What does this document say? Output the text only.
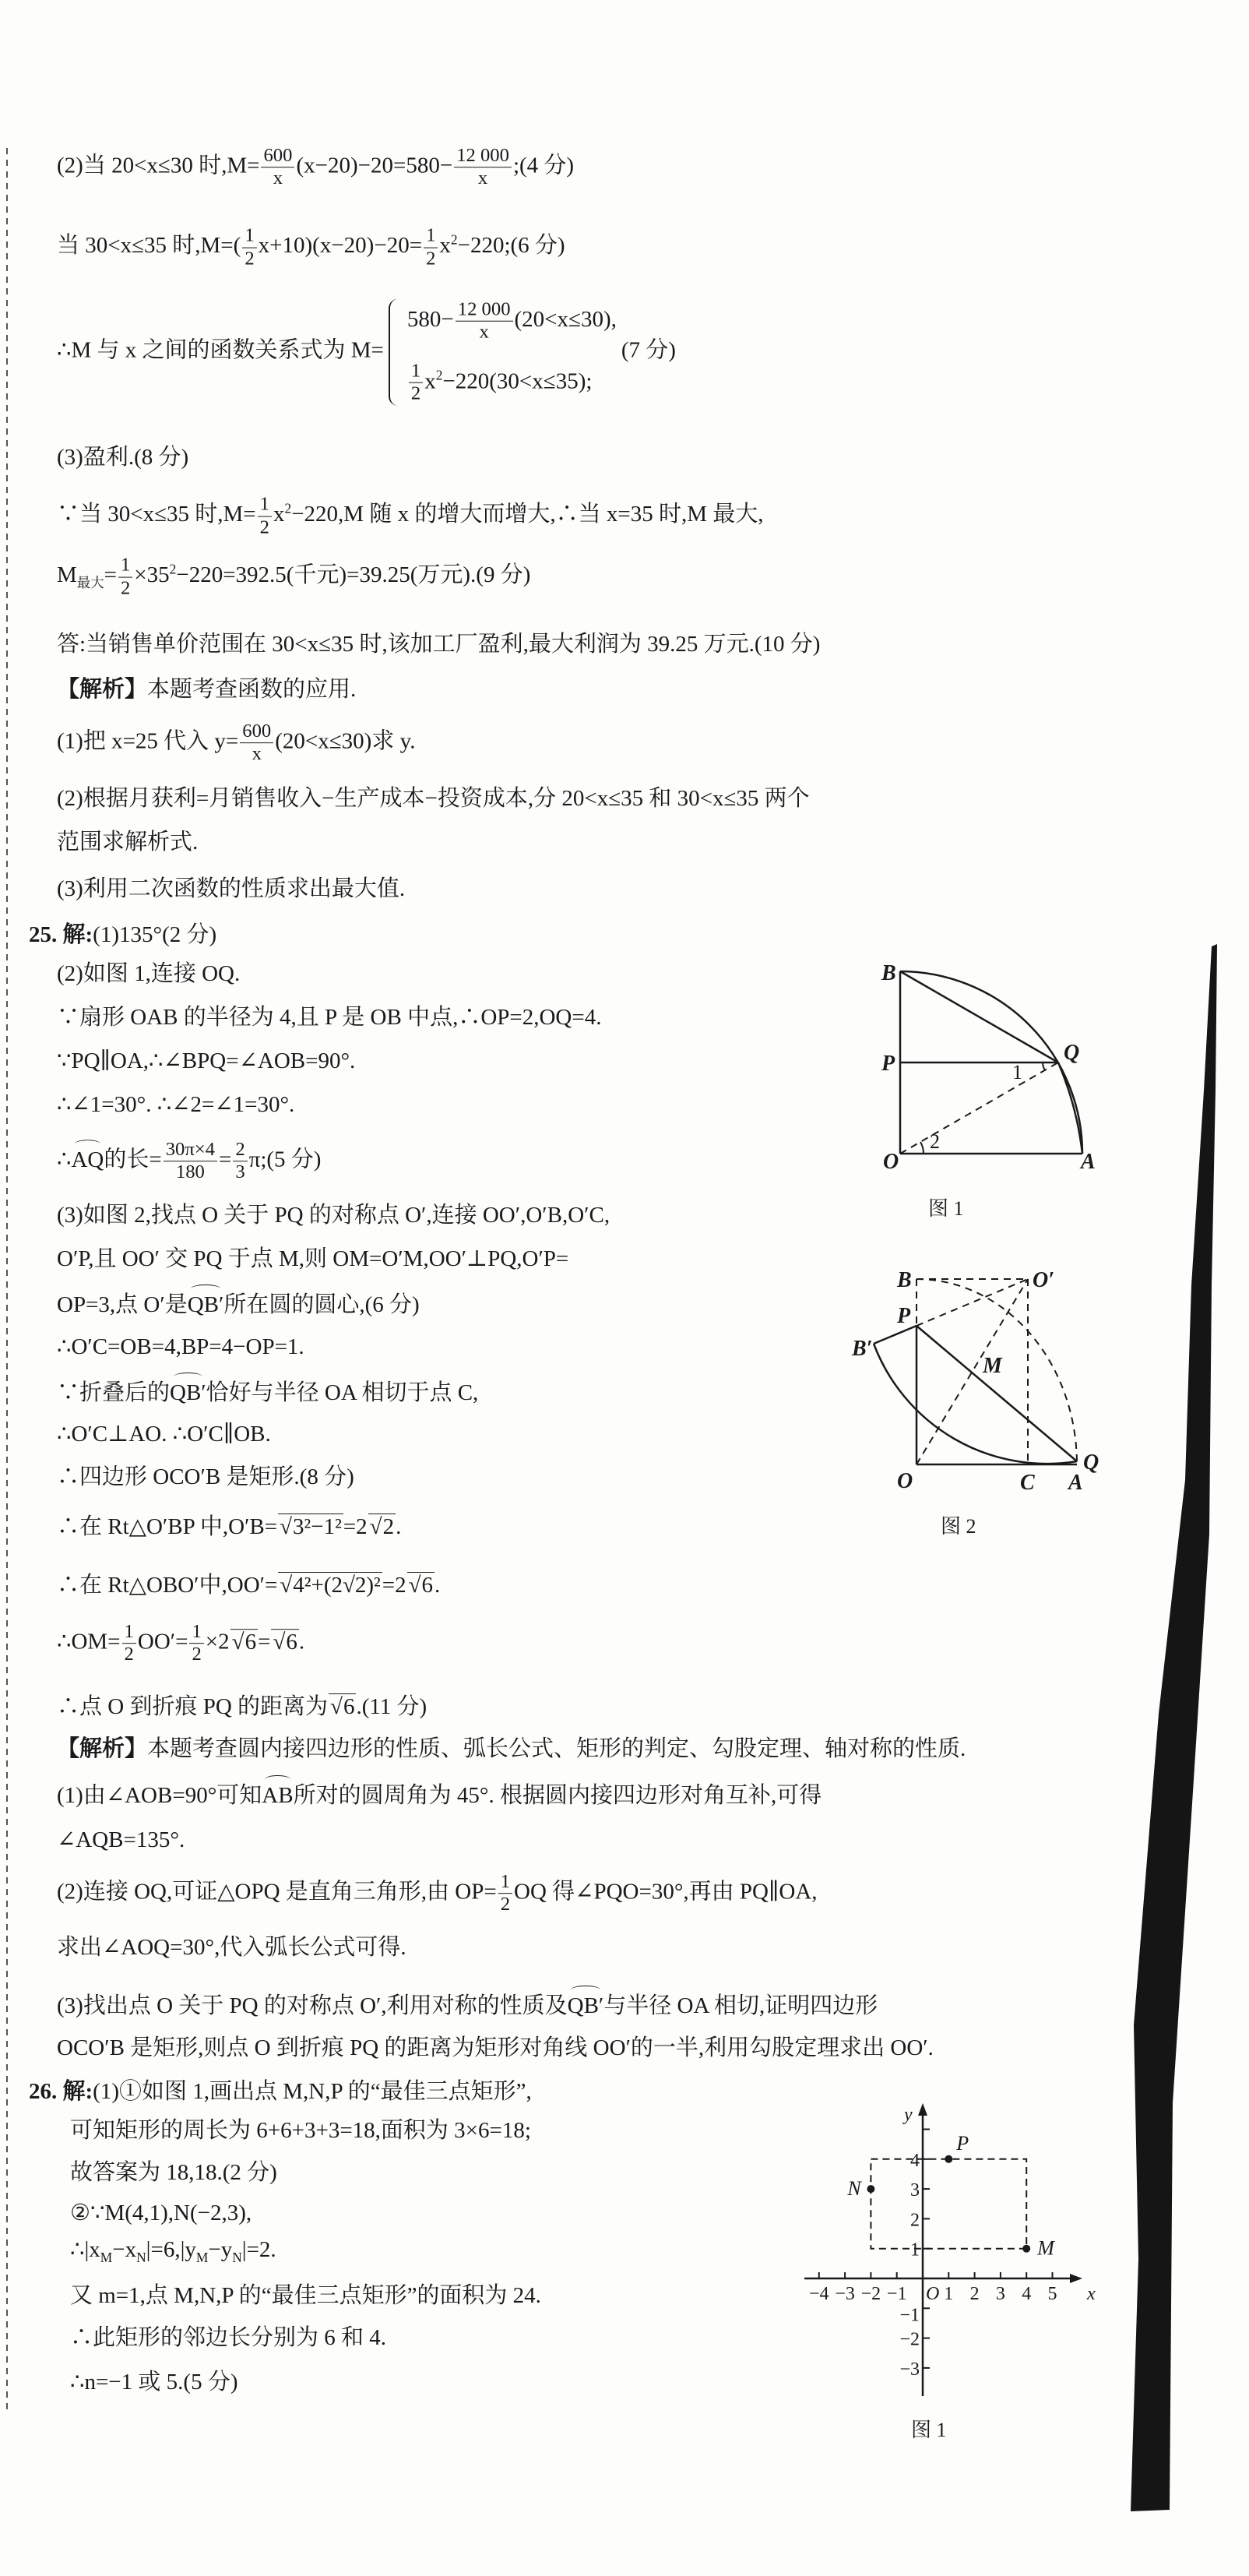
(2)当 20<x≤30 时$,M= \frac{600}{x} (x-20)-20=580- \frac{12 000}{x}$ ;(4 分)
当 30<x≤35 时$,M=( \frac{1}{2} x+10)(x-20)-20= \frac{1}{2}$ $x^2-220;(6$ 分)
∴M 与 x 之间的函数关系式为 M=
$580- \frac{12 000}{x} (20<x\le 30)$,
$\frac{1}{2} x^2-220(30<x\le 35)$;
(7 分)
(3)盈利.(8 分)
∵当 30<x≤35 时$,M= \frac{1}{2} x^2-220,M$ 随 x 的增大而增大,∴当 x=35 时,M 最大,
$M_{最大}= \frac{1}{2} \times 35^2-220=392.5$(千元)=39.25(万元).(9 分)
答:当销售单价范围在 30<x≤35 时,该加工厂盈利,最大利润为 39.25 万元.(10 分)
【解析】本题考查函数的应用.
(1)把 x=25 代入 $y= \frac{600}{x} (20<x\le 30)$求 y.
(2)根据月获利=月销售收入−生产成本−投资成本,分 20<x≤35 和 30<x≤35 两个
范围求解析式.
(3)利用二次函数的性质求出最大值.
25. 解:(1)135°(2 分)
(2)如图 1,连接 OQ.
∵扇形 OAB 的半径为 4,且 P 是 OB 中点,∴OP=2,OQ=4.
∵PQ∥OA,∴∠BPQ=∠AOB=90°.
∴∠1=30°. ∴∠2=∠1=30°.
∴AQ的长= $\frac{30\pi\times 4}{180} = \frac{2}{3}$ π;(5 分)
(3)如图 2,找点 O 关于 PQ 的对称点 O′,连接 OO′,O′B,O′C,
O′P,且 OO′ 交 PQ 于点 M,则 OM=O′M,OO′⊥PQ,O′P=
OP=3,点 O′是QB′所在圆的圆心,(6 分)
∴O′C=OB=4,BP=4−OP=1.
∵折叠后的QB′恰好与半径 OA 相切于点 C,
∴O′C⊥AO. ∴O′C∥OB.
∴四边形 OCO′B 是矩形.(8 分)
∴在 Rt△O′BP 中,O′B= √ 3²−1²=2 √ 2.
∴在 Rt△OBO′中,OO′= √ 4²+(2√2)²=2 √ 6.
∴OM= $\frac{1}{2} OO'= \frac{1}{2} \times 2$ √ 6= √ 6.
∴点 O 到折痕 PQ 的距离为 √ 6.(11 分)
【解析】本题考查圆内接四边形的性质、弧长公式、矩形的判定、勾股定理、轴对称的性质.
(1)由∠AOB=90°可知AB所对的圆周角为 45°. 根据圆内接四边形对角互补,可得
∠AQB=135°.
(2)连接 OQ,可证△OPQ 是直角三角形,由 $OP= \frac{1}{2}$ OQ 得∠PQO=30°,再由 PQ∥OA,
求出∠AOQ=30°,代入弧长公式可得.
(3)找出点 O 关于 PQ 的对称点 O′,利用对称的性质及QB′与半径 OA 相切,证明四边形
OCO′B 是矩形,则点 O 到折痕 PQ 的距离为矩形对角线 OO′的一半,利用勾股定理求出 OO′.
26. 解:(1)①如图 1,画出点 M,N,P 的“最佳三点矩形”,
可知矩形的周长为 6+6+3+3=18,面积为 3×6=18;
故答案为 18,18.(2 分)
②∵M(4,1),N(−2,3),
$\therefore|x_M-x_N|=6,|y_M-y_N|=2$.
又 m=1,点 M,N,P 的“最佳三点矩形”的面积为 24.
∴此矩形的邻边长分别为 6 和 4.
∴n=−1 或 5.(5 分)
B
P	Q
O	A
1
2
图 1
B	O′
P
B′
M
Q
O	C A
图 2
−4 −3 −2 −1 1 2 3 4 5
−3
−2
−1
1
2
3
4
O	x
y
M
N
P
图 1
